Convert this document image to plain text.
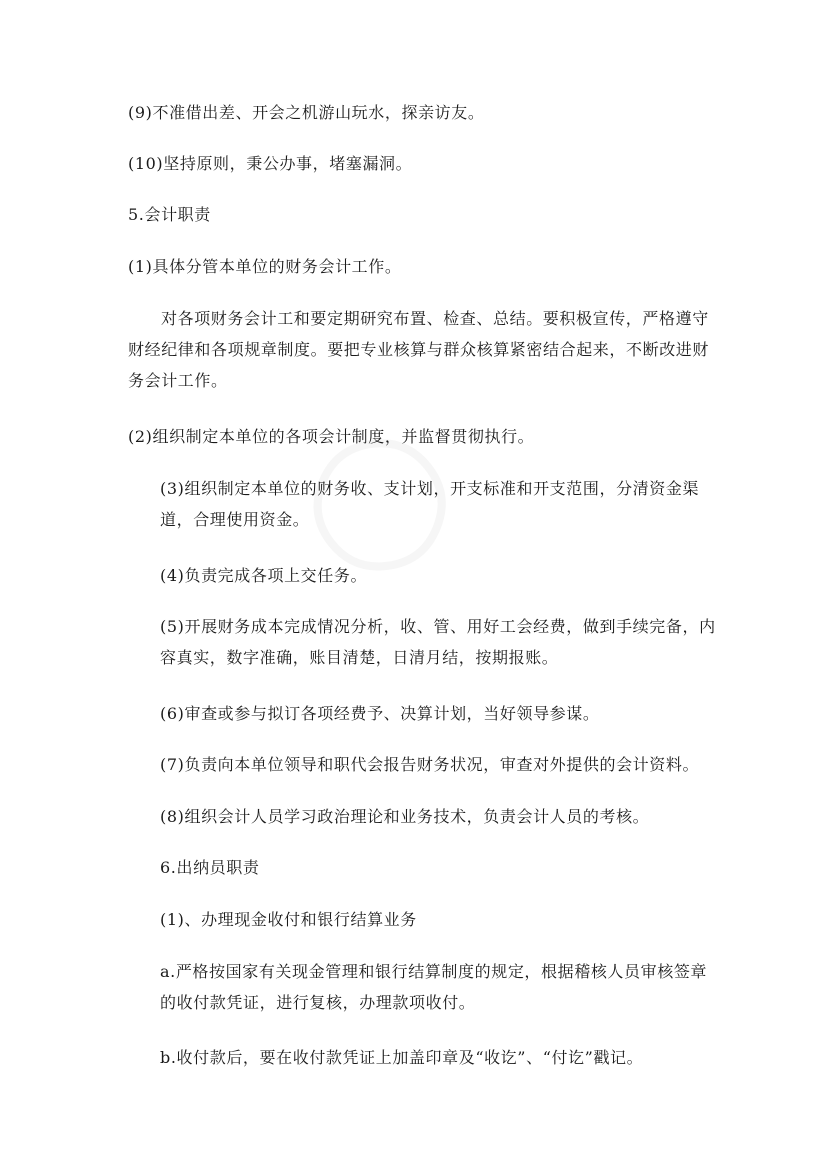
(9)不准借出差、开会之机游山玩水，探亲访友。

(10)坚持原则，秉公办事，堵塞漏洞。

5.会计职责

(1)具体分管本单位的财务会计工作。

对各项财务会计工和要定期研究布置、检查、总结。要积极宣传，严格遵守财经纪律和各项规章制度。要把专业核算与群众核算紧密结合起来，不断改进财务会计工作。

(2)组织制定本单位的各项会计制度，并监督贯彻执行。

(3)组织制定本单位的财务收、支计划，开支标准和开支范围，分清资金渠道，合理使用资金。

(4)负责完成各项上交任务。

(5)开展财务成本完成情况分析，收、管、用好工会经费，做到手续完备，内容真实，数字准确，账目清楚，日清月结，按期报账。

(6)审查或参与拟订各项经费予、决算计划，当好领导参谋。

(7)负责向本单位领导和职代会报告财务状况，审查对外提供的会计资料。

(8)组织会计人员学习政治理论和业务技术，负责会计人员的考核。

6.出纳员职责

(1)、办理现金收付和银行结算业务

a.严格按国家有关现金管理和银行结算制度的规定，根据稽核人员审核签章的收付款凭证，进行复核，办理款项收付。

b.收付款后，要在收付款凭证上加盖印章及“收讫”、“付讫”戳记。
